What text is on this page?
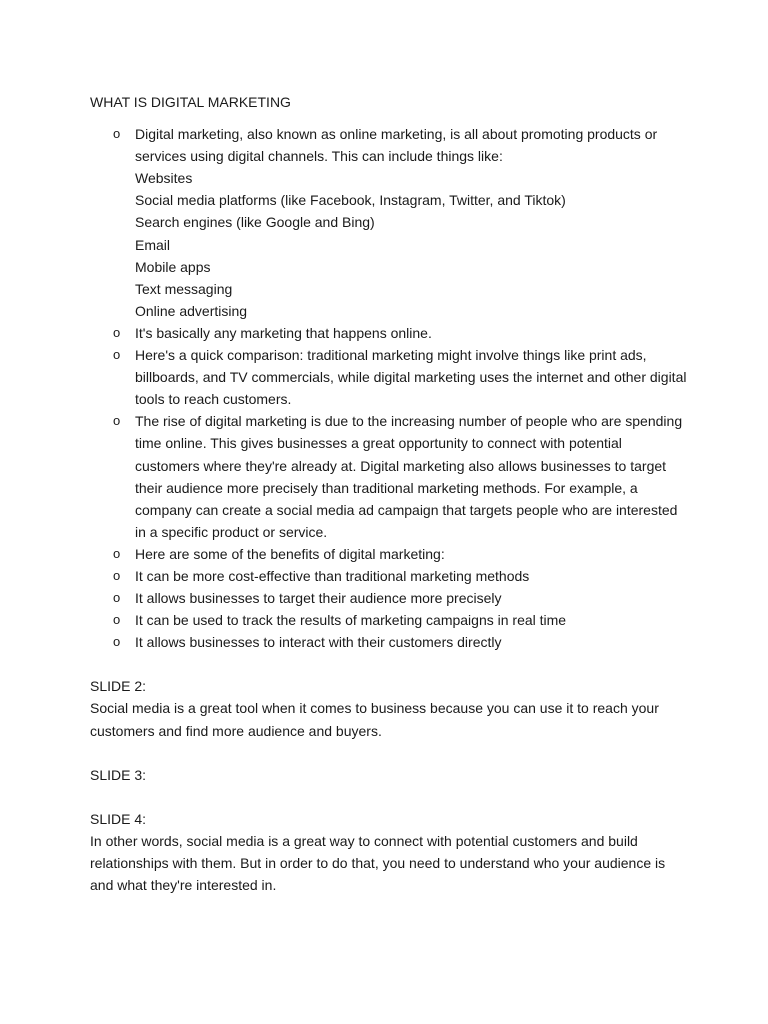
WHAT IS DIGITAL MARKETING
o Digital marketing, also known as online marketing, is all about promoting products or services using digital channels. This can include things like:
Websites
Social media platforms (like Facebook, Instagram, Twitter, and Tiktok)
Search engines (like Google and Bing)
Email
Mobile apps
Text messaging
Online advertising
o It's basically any marketing that happens online.
o Here's a quick comparison: traditional marketing might involve things like print ads, billboards, and TV commercials, while digital marketing uses the internet and other digital tools to reach customers.
o The rise of digital marketing is due to the increasing number of people who are spending time online. This gives businesses a great opportunity to connect with potential customers where they're already at. Digital marketing also allows businesses to target their audience more precisely than traditional marketing methods. For example, a company can create a social media ad campaign that targets people who are interested in a specific product or service.
o Here are some of the benefits of digital marketing:
o It can be more cost-effective than traditional marketing methods
o It allows businesses to target their audience more precisely
o It can be used to track the results of marketing campaigns in real time
o It allows businesses to interact with their customers directly

SLIDE 2:

Social media is a great tool when it comes to business because you can use it to reach your customers and find more audience and buyers.

SLIDE 3:

SLIDE 4:

In other words, social media is a great way to connect with potential customers and build relationships with them. But in order to do that, you need to understand who your audience is and what they're interested in.
